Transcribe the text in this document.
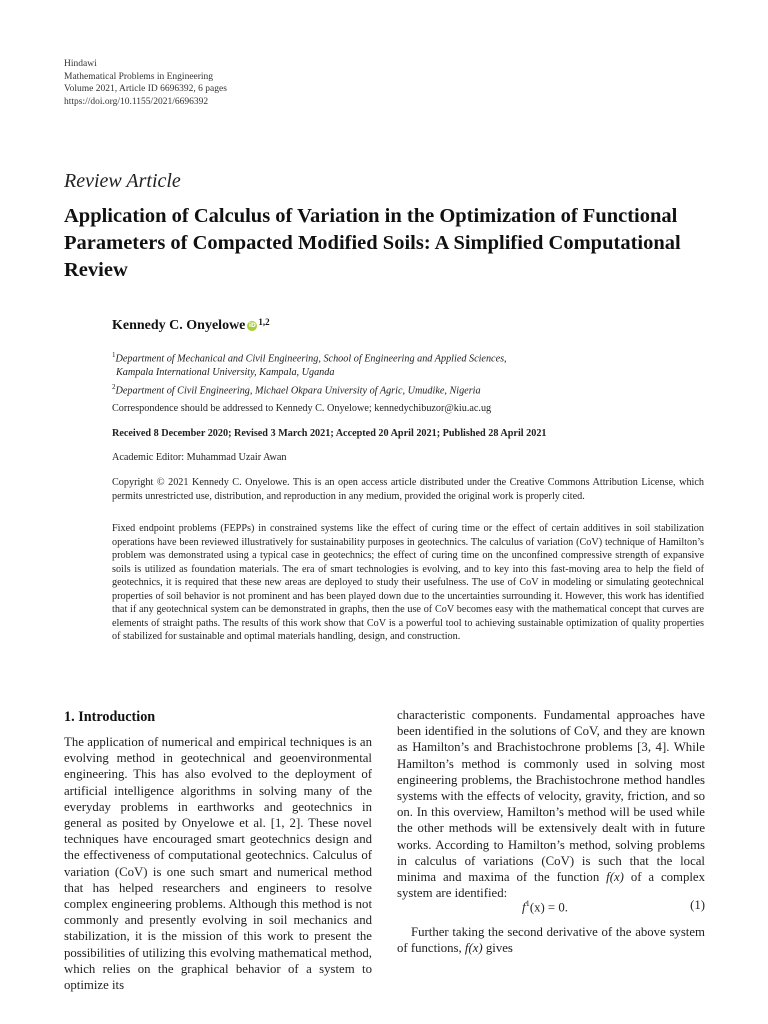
Hindawi
Mathematical Problems in Engineering
Volume 2021, Article ID 6696392, 6 pages
https://doi.org/10.1155/2021/6696392
Review Article
Application of Calculus of Variation in the Optimization of Functional Parameters of Compacted Modified Soils: A Simplified Computational Review
Kennedy C. Onyelowe iD $^{1,2}$
$^1$Department of Mechanical and Civil Engineering, School of Engineering and Applied Sciences,
Kampala International University, Kampala, Uganda
$^2$Department of Civil Engineering, Michael Okpara University of Agric, Umudike, Nigeria
Correspondence should be addressed to Kennedy C. Onyelowe; kennedychibuzor@kiu.ac.ug
Received 8 December 2020; Revised 3 March 2021; Accepted 20 April 2021; Published 28 April 2021
Academic Editor: Muhammad Uzair Awan
Copyright © 2021 Kennedy C. Onyelowe. This is an open access article distributed under the Creative Commons Attribution License, which permits unrestricted use, distribution, and reproduction in any medium, provided the original work is properly cited.
Fixed endpoint problems (FEPPs) in constrained systems like the effect of curing time or the effect of certain additives in soil stabilization operations have been reviewed illustratively for sustainability purposes in geotechnics. The calculus of variation (CoV) technique of Hamilton’s problem was demonstrated using a typical case in geotechnics; the effect of curing time on the unconfined compressive strength of expansive soils is utilized as foundation materials. The era of smart technologies is evolving, and to key into this fast-moving area to help the field of geotechnics, it is required that these new areas are deployed to study their usefulness. The use of CoV in modeling or simulating geotechnical properties of soil behavior is not prominent and has been played down due to the uncertainties surrounding it. However, this work has identified that if any geotechnical system can be demonstrated in graphs, then the use of CoV becomes easy with the mathematical concept that curves are elements of straight paths. The results of this work show that CoV is a powerful tool to achieving sustainable optimization of quality properties of stabilized for sustainable and optimal materials handling, design, and construction.
1. Introduction
The application of numerical and empirical techniques is an evolving method in geotechnical and geoenvironmental engineering. This has also evolved to the deployment of artificial intelligence algorithms in solving many of the everyday problems in earthworks and geotechnics in general as posited by Onyelowe et al. [1, 2]. These novel techniques have encouraged smart geotechnics design and the effectiveness of computational geotechnics. Calculus of variation (CoV) is one such smart and numerical method that has helped researchers and engineers to resolve complex engineering problems. Although this method is not commonly and presently evolving in soil mechanics and stabilization, it is the mission of this work to present the possibilities of utilizing this evolving mathematical method, which relies on the graphical behavior of a system to optimize its
characteristic components. Fundamental approaches have been identified in the solutions of CoV, and they are known as Hamilton’s and Brachistochrone problems [3, 4]. While Hamilton’s method is commonly used in solving most engineering problems, the Brachistochrone method handles systems with the effects of velocity, gravity, friction, and so on. In this overview, Hamilton’s method will be used while the other methods will be extensively dealt with in future works. According to Hamilton’s method, solving problems in calculus of variations (CoV) is such that the local minima and maxima of the function f(x) of a complex system are identified:
$f^1(x) = 0$.	(1)
Further taking the second derivative of the above system of functions, f(x) gives
